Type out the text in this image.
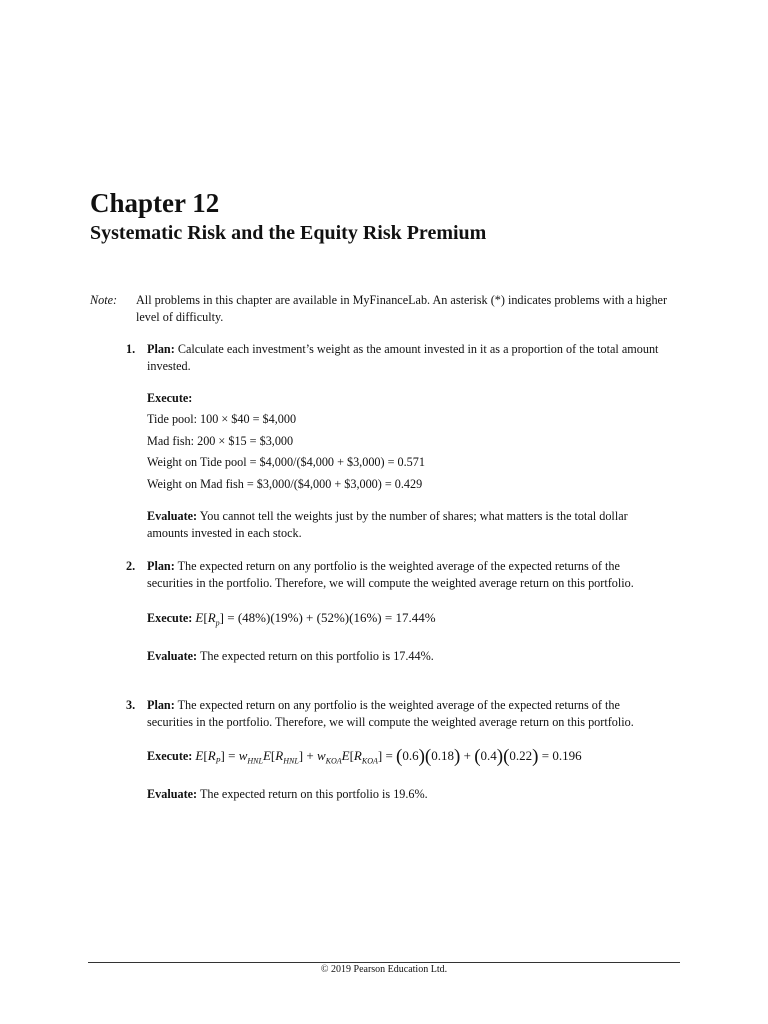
Chapter 12
Systematic Risk and the Equity Risk Premium
Note: All problems in this chapter are available in MyFinanceLab. An asterisk (*) indicates problems with a higher level of difficulty.
1. Plan: Calculate each investment’s weight as the amount invested in it as a proportion of the total amount invested.
Execute:
Tide pool: 100 × $40 = $4,000
Mad fish: 200 × $15 = $3,000
Weight on Tide pool = $4,000/($4,000 + $3,000) = 0.571
Weight on Mad fish = $3,000/($4,000 + $3,000) = 0.429
Evaluate: You cannot tell the weights just by the number of shares; what matters is the total dollar amounts invested in each stock.
2. Plan: The expected return on any portfolio is the weighted average of the expected returns of the securities in the portfolio. Therefore, we will compute the weighted average return on this portfolio.
Execute: $E[R_p] = (48\%)(19\%) + (52\%)(16\%) = 17.44\%$
Evaluate: The expected return on this portfolio is 17.44%.
3. Plan: The expected return on any portfolio is the weighted average of the expected returns of the securities in the portfolio. Therefore, we will compute the weighted average return on this portfolio.
Execute: $E[R_P] = w_{HNL}E[R_{HNL}] + w_{KOA}E[R_{KOA}] = (0.6)(0.18) + (0.4)(0.22) = 0.196$
Evaluate: The expected return on this portfolio is 19.6%.
© 2019 Pearson Education Ltd.
